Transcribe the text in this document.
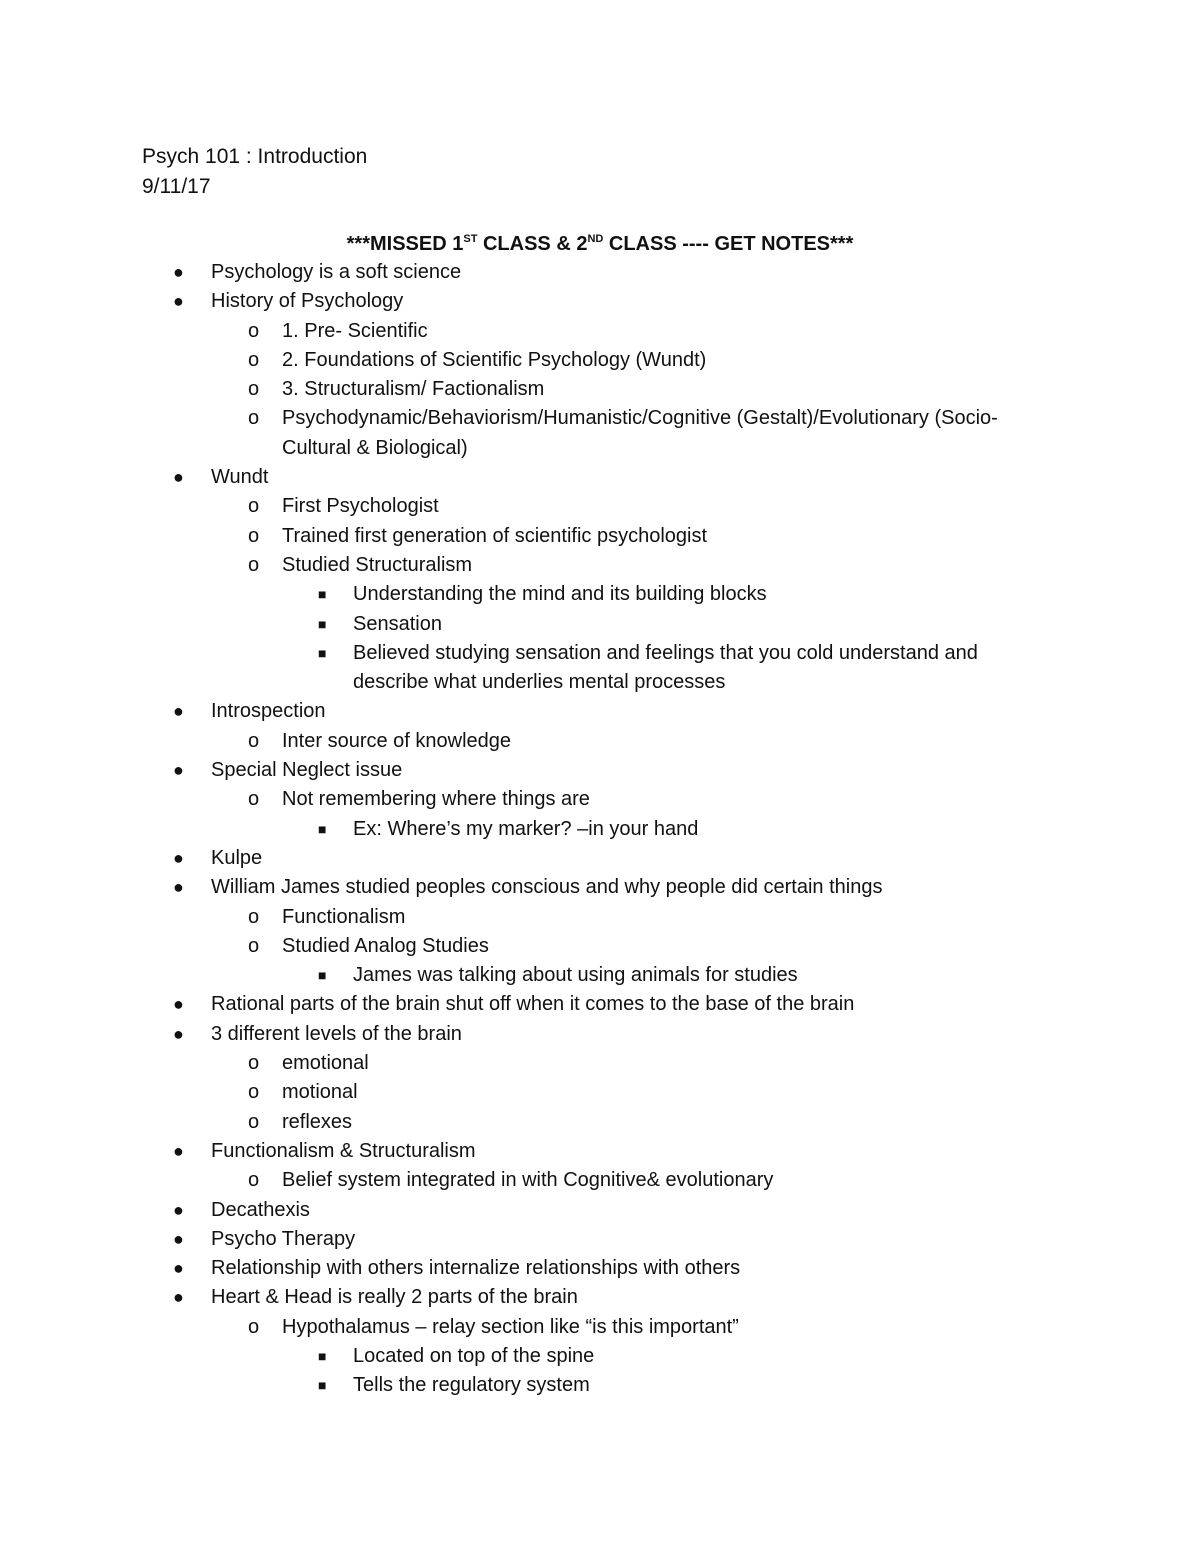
Psych 101 : Introduction
9/11/17
***MISSED 1ST CLASS & 2ND CLASS ---- GET NOTES***
● Psychology is a soft science
● History of Psychology
o 1. Pre- Scientific
o 2. Foundations of Scientific Psychology (Wundt)
o 3. Structuralism/ Factionalism
o Psychodynamic/Behaviorism/Humanistic/Cognitive (Gestalt)/Evolutionary (Socio-Cultural & Biological)
● Wundt
o First Psychologist
o Trained first generation of scientific psychologist
o Studied Structuralism
■ Understanding the mind and its building blocks
■ Sensation
■ Believed studying sensation and feelings that you cold understand and describe what underlies mental processes
● Introspection
o Inter source of knowledge
● Special Neglect issue
o Not remembering where things are
■ Ex: Where’s my marker? –in your hand
● Kulpe
● William James studied peoples conscious and why people did certain things
o Functionalism
o Studied Analog Studies
■ James was talking about using animals for studies
● Rational parts of the brain shut off when it comes to the base of the brain
● 3 different levels of the brain
o emotional
o motional
o reflexes
● Functionalism & Structuralism
o Belief system integrated in with Cognitive& evolutionary
● Decathexis
● Psycho Therapy
● Relationship with others internalize relationships with others
● Heart & Head is really 2 parts of the brain
o Hypothalamus – relay section like “is this important”
■ Located on top of the spine
■ Tells the regulatory system
